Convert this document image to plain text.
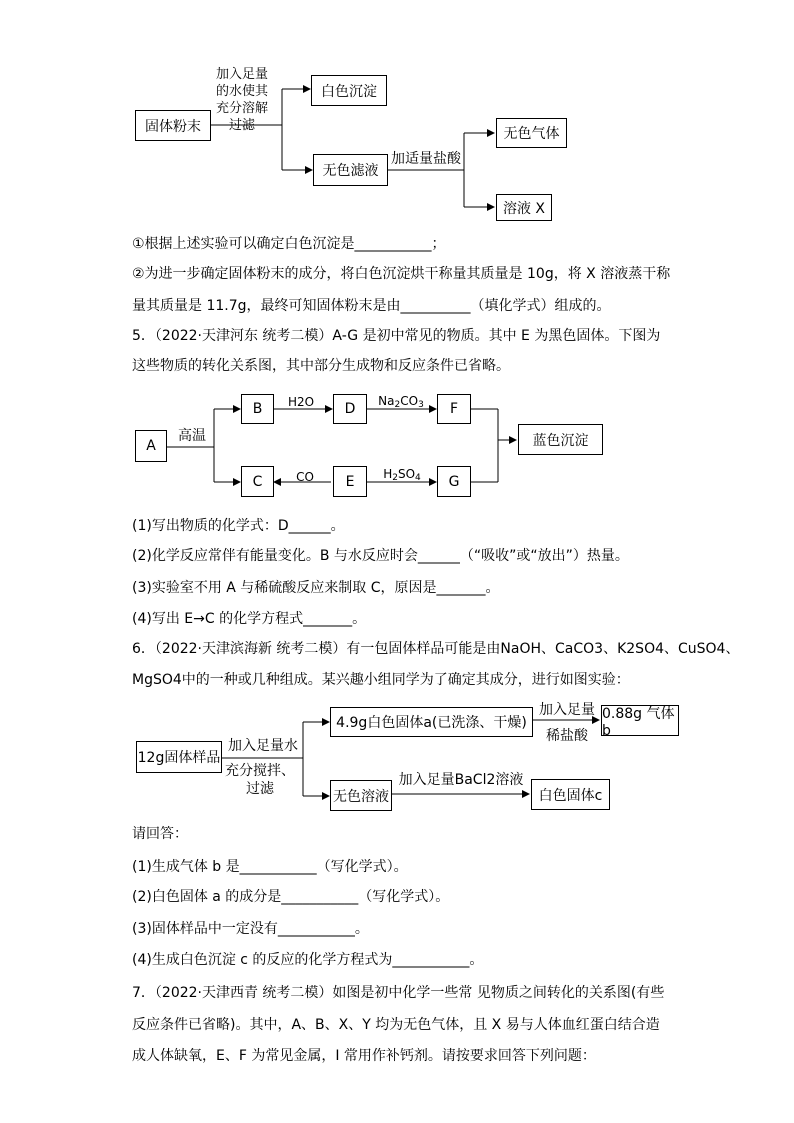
固体粉末
加入足量
的水使其
充分溶解
过滤
白色沉淀
无色滤液
加适量盐酸
无色气体
溶液 X
①根据上述实验可以确定白色沉淀是___________；
②为进一步确定固体粉末的成分，将白色沉淀烘干称量其质量是 10g，将 X 溶液蒸干称
量其质量是 11.7g，最终可知固体粉末是由__________（填化学式）组成的。
5．（2022·天津河东 统考二模）A-G 是初中常见的物质。其中 E 为黑色固体。下图为
这些物质的转化关系图，其中部分生成物和反应条件已省略。
A
高温
B
C
D
E
F
G
蓝色沉淀
H2O	$Na_2CO_3$
CO	$H_2SO_4$
(1)写出物质的化学式：D______。
(2)化学反应常伴有能量变化。B 与水反应时会______（“吸收”或“放出”）热量。
(3)实验室不用 A 与稀硫酸反应来制取 C，原因是_______。
(4)写出 E→C 的化学方程式_______。
6．（2022·天津滨海新 统考二模）有一包固体样品可能是由NaOH、CaCO3、K2SO4、CuSO4、
MgSO4中的一种或几种组成。某兴趣小组同学为了确定其成分，进行如图实验：
12g固体样品
加入足量水
充分搅拌、
过滤
4.9g白色固体a(已洗涤、干燥)
加入足量
稀盐酸
0.88g 气体 b
无色溶液
加入足量BaCl2溶液
白色固体c
请回答：
(1)生成气体 b 是___________（写化学式）。
(2)白色固体 a 的成分是___________（写化学式）。
(3)固体样品中一定没有___________。
(4)生成白色沉淀 c 的反应的化学方程式为___________。
7．（2022·天津西青 统考二模）如图是初中化学一些常 见物质之间转化的关系图(有些
反应条件已省略)。其中，A、B、X、Y 均为无色气体，且 X 易与人体血红蛋白结合造
成人体缺氧，E、F 为常见金属，I 常用作补钙剂。请按要求回答下列问题：
